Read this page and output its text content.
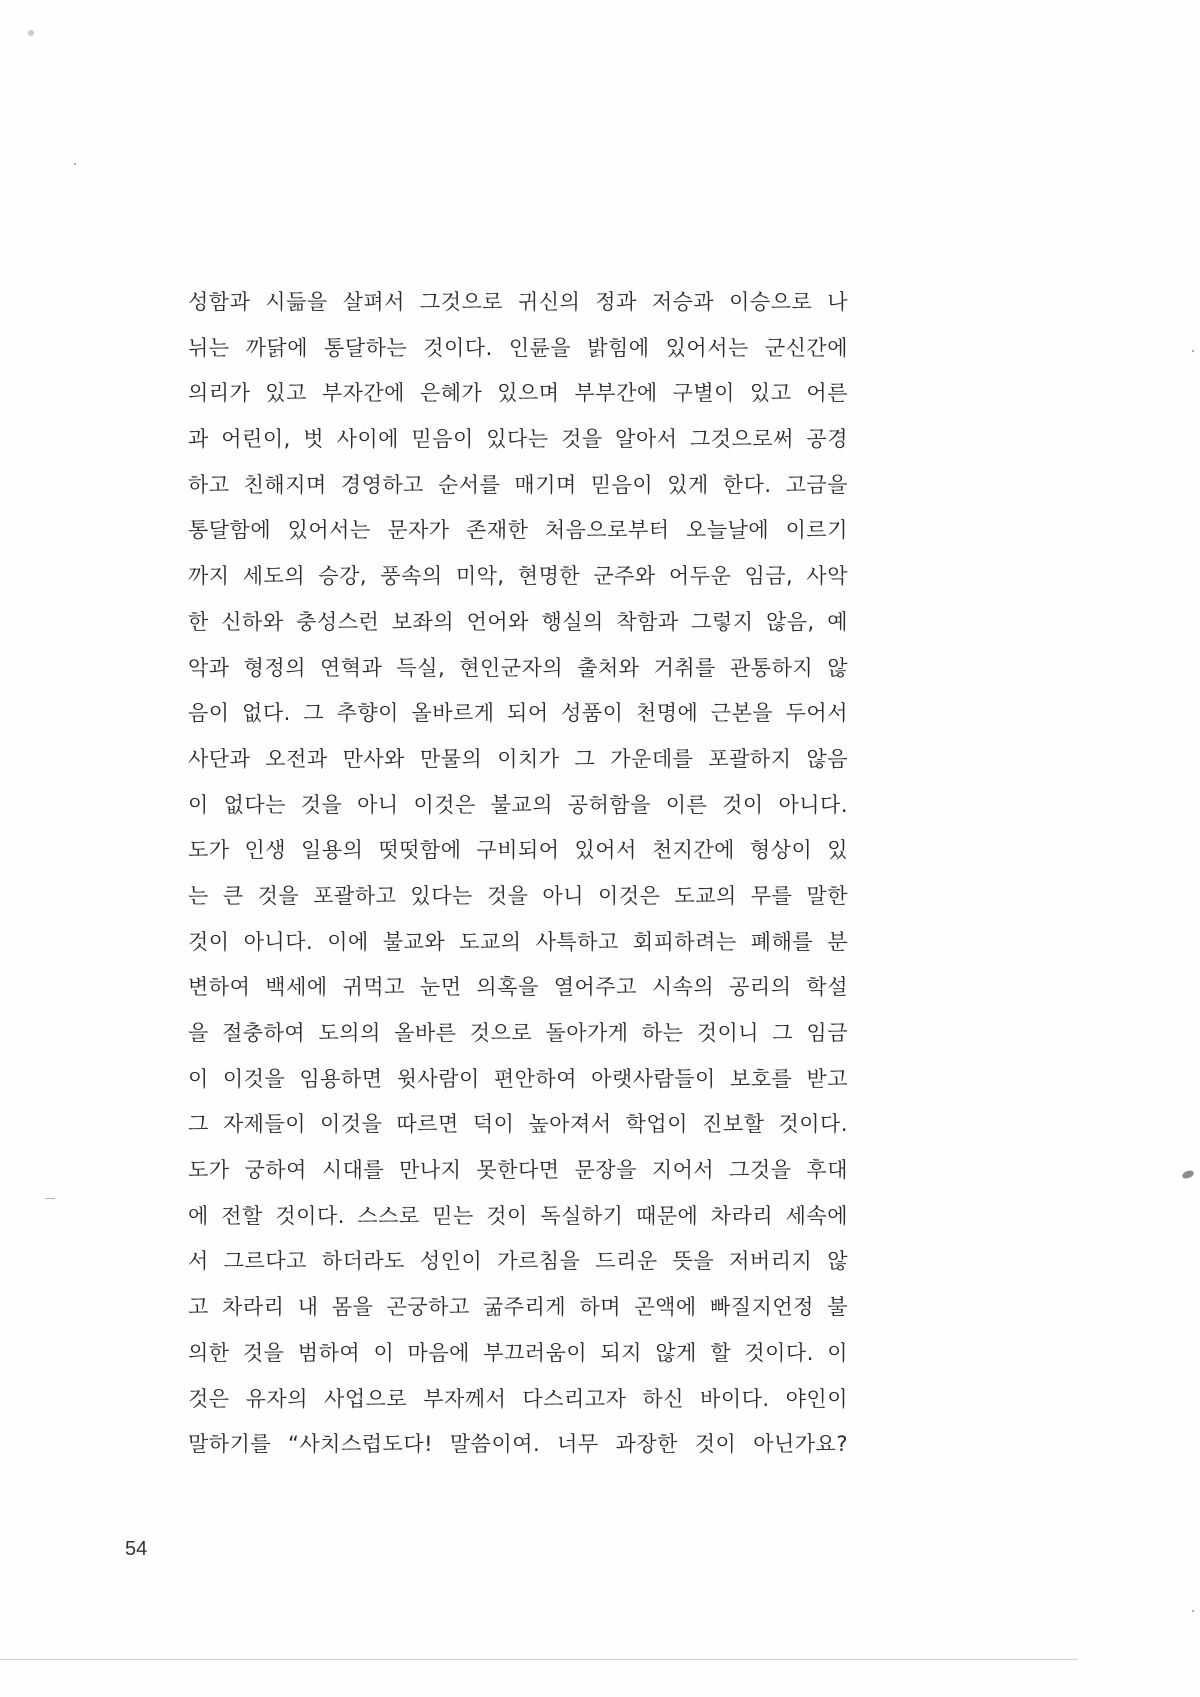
성함과 시듦을 살펴서 그것으로 귀신의 정과 저승과 이승으로 나
뉘는 까닭에 통달하는 것이다. 인륜을 밝힘에 있어서는 군신간에
의리가 있고 부자간에 은혜가 있으며 부부간에 구별이 있고 어른
과 어린이, 벗 사이에 믿음이 있다는 것을 알아서 그것으로써 공경
하고 친해지며 경영하고 순서를 매기며 믿음이 있게 한다. 고금을
통달함에 있어서는 문자가 존재한 처음으로부터 오늘날에 이르기
까지 세도의 승강, 풍속의 미악, 현명한 군주와 어두운 임금, 사악
한 신하와 충성스런 보좌의 언어와 행실의 착함과 그렇지 않음, 예
악과 형정의 연혁과 득실, 현인군자의 출처와 거취를 관통하지 않
음이 없다. 그 추향이 올바르게 되어 성품이 천명에 근본을 두어서
사단과 오전과 만사와 만물의 이치가 그 가운데를 포괄하지 않음
이 없다는 것을 아니 이것은 불교의 공허함을 이른 것이 아니다.
도가 인생 일용의 떳떳함에 구비되어 있어서 천지간에 형상이 있
는 큰 것을 포괄하고 있다는 것을 아니 이것은 도교의 무를 말한
것이 아니다. 이에 불교와 도교의 사특하고 회피하려는 폐해를 분
변하여 백세에 귀먹고 눈먼 의혹을 열어주고 시속의 공리의 학설
을 절충하여 도의의 올바른 것으로 돌아가게 하는 것이니 그 임금
이 이것을 임용하면 윗사람이 편안하여 아랫사람들이 보호를 받고
그 자제들이 이것을 따르면 덕이 높아져서 학업이 진보할 것이다.
도가 궁하여 시대를 만나지 못한다면 문장을 지어서 그것을 후대
에 전할 것이다. 스스로 믿는 것이 독실하기 때문에 차라리 세속에
서 그르다고 하더라도 성인이 가르침을 드리운 뜻을 저버리지 않
고 차라리 내 몸을 곤궁하고 굶주리게 하며 곤액에 빠질지언정 불
의한 것을 범하여 이 마음에 부끄러움이 되지 않게 할 것이다. 이
것은 유자의 사업으로 부자께서 다스리고자 하신 바이다. 야인이
말하기를 “사치스럽도다! 말씀이여. 너무 과장한 것이 아닌가요?

54
